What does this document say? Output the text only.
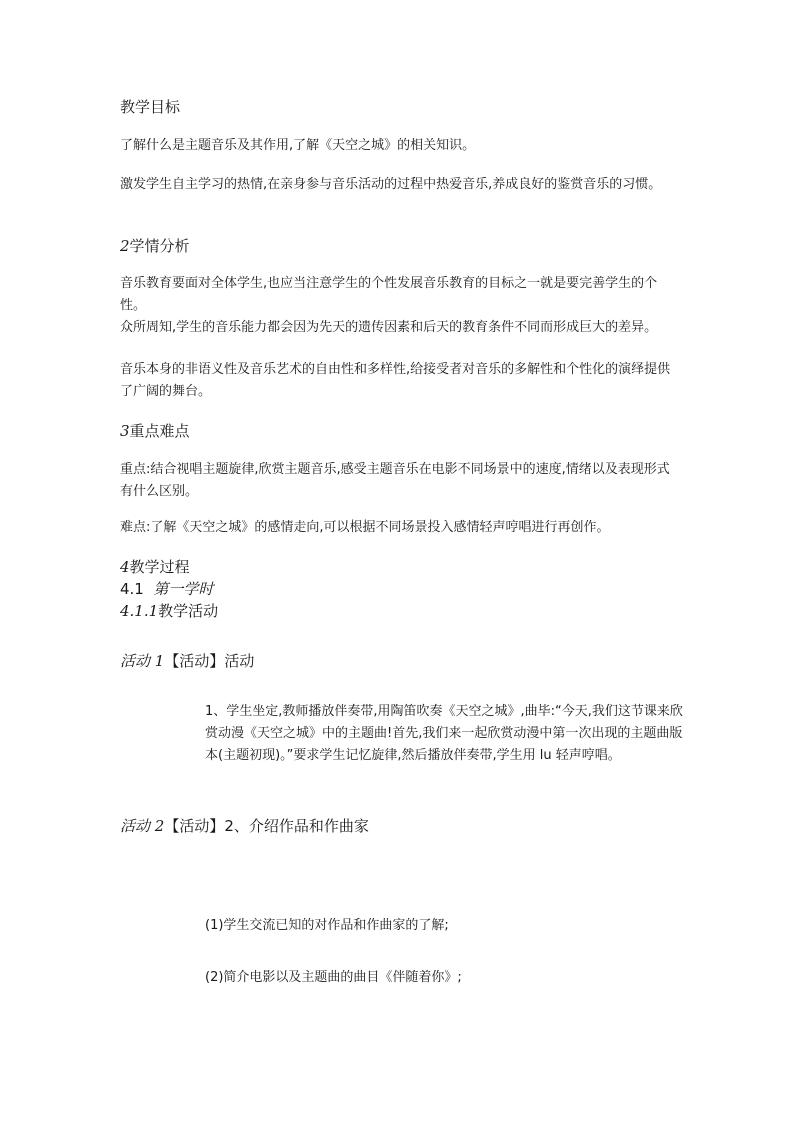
教学目标

了解什么是主题音乐及其作用,了解《天空之城》的相关知识。

激发学生自主学习的热情,在亲身参与音乐活动的过程中热爱音乐,养成良好的鉴赏音乐的习惯。

2学情分析

音乐教育要面对全体学生,也应当注意学生的个性发展音乐教育的目标之一就是要完善学生的个性。

众所周知,学生的音乐能力都会因为先天的遗传因素和后天的教育条件不同而形成巨大的差异。

音乐本身的非语义性及音乐艺术的自由性和多样性,给接受者对音乐的多解性和个性化的演绎提供了广阔的舞台。

3重点难点

重点:结合视唱主题旋律,欣赏主题音乐,感受主题音乐在电影不同场景中的速度,情绪以及表现形式有什么区别。

难点:了解《天空之城》的感情走向,可以根据不同场景投入感情轻声哼唱进行再创作。

4教学过程

4.1 第一学时

4.1.1教学活动

活动 1【活动】活动

1、学生坐定,教师播放伴奏带,用陶笛吹奏《天空之城》,曲毕:“今天,我们这节课来欣赏动漫《天空之城》中的主题曲!首先,我们来一起欣赏动漫中第一次出现的主题曲版本(主题初现)。”要求学生记忆旋律,然后播放伴奏带,学生用 lu 轻声哼唱。

活动 2【活动】2、介绍作品和作曲家

(1)学生交流已知的对作品和作曲家的了解;

(2)简介电影以及主题曲的曲目《伴随着你》;
